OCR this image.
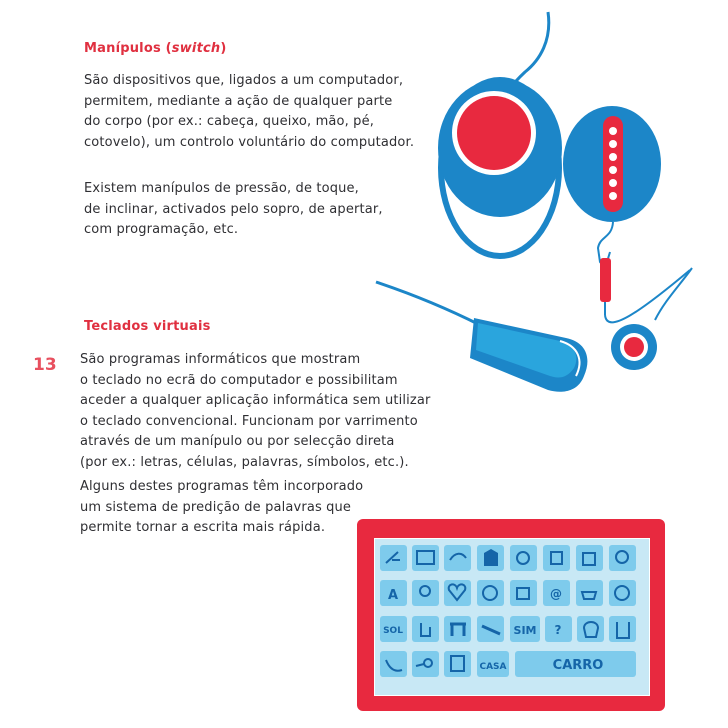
Manípulos (switch)
São dispositivos que, ligados a um computador,
permitem, mediante a ação de qualquer parte
do corpo (por ex.: cabeça, queixo, mão, pé,
cotovelo), um controlo voluntário do computador.
Existem manípulos de pressão, de toque,
de inclinar, activados pelo sopro, de apertar,
com programação, etc.
Teclados virtuais
13 São programas informáticos que mostram
o teclado no ecrã do computador e possibilitam
aceder a qualquer aplicação informática sem utilizar
o teclado convencional. Funcionam por varrimento
através de um manípulo ou por selecção direta
(por ex.: letras, células, palavras, símbolos, etc.).
Alguns destes programas têm incorporado
um sistema de predição de palavras que
permite tornar a escrita mais rápida.
A	@
SOL	SIM ?
CASA	CARRO
